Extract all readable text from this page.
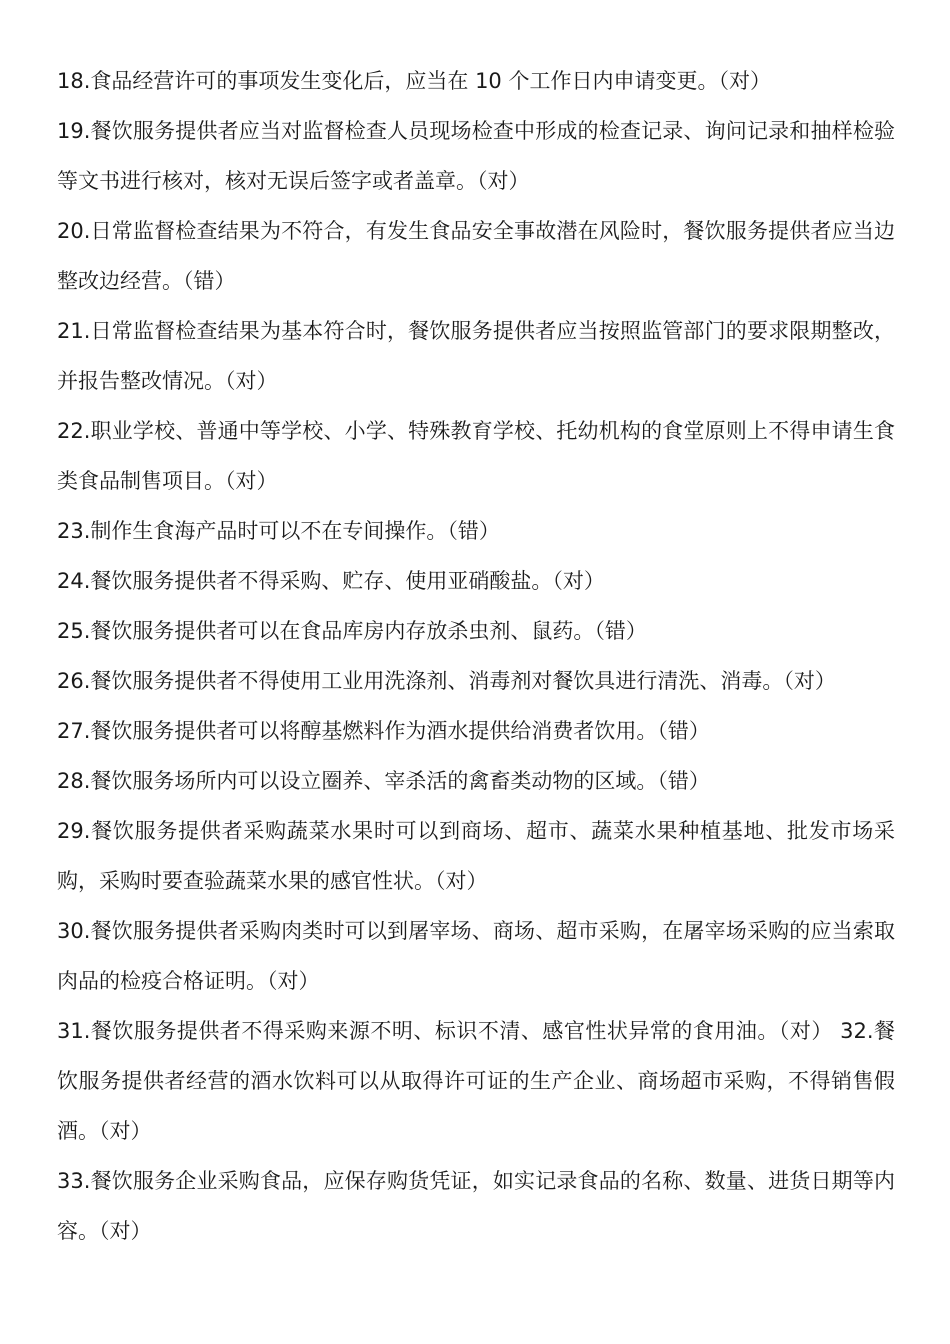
18.食品经营许可的事项发生变化后，应当在 10 个工作日内申请变更。（对）

19.餐饮服务提供者应当对监督检查人员现场检查中形成的检查记录、询问记录和抽样检验等文书进行核对，核对无误后签字或者盖章。（对）

20.日常监督检查结果为不符合，有发生食品安全事故潜在风险时，餐饮服务提供者应当边整改边经营。（错）

21.日常监督检查结果为基本符合时，餐饮服务提供者应当按照监管部门的要求限期整改，并报告整改情况。（对）

22.职业学校、普通中等学校、小学、特殊教育学校、托幼机构的食堂原则上不得申请生食类食品制售项目。（对）

23.制作生食海产品时可以不在专间操作。（错）

24.餐饮服务提供者不得采购、贮存、使用亚硝酸盐。（对）

25.餐饮服务提供者可以在食品库房内存放杀虫剂、鼠药。（错）

26.餐饮服务提供者不得使用工业用洗涤剂、消毒剂对餐饮具进行清洗、消毒。（对）

27.餐饮服务提供者可以将醇基燃料作为酒水提供给消费者饮用。（错）

28.餐饮服务场所内可以设立圈养、宰杀活的禽畜类动物的区域。（错）

29.餐饮服务提供者采购蔬菜水果时可以到商场、超市、蔬菜水果种植基地、批发市场采购，采购时要查验蔬菜水果的感官性状。（对）

30.餐饮服务提供者采购肉类时可以到屠宰场、商场、超市采购，在屠宰场采购的应当索取肉品的检疫合格证明。（对）

31.餐饮服务提供者不得采购来源不明、标识不清、感官性状异常的食用油。（对） 32.餐饮服务提供者经营的酒水饮料可以从取得许可证的生产企业、商场超市采购，不得销售假酒。（对）

33.餐饮服务企业采购食品，应保存购货凭证，如实记录食品的名称、数量、进货日期等内容。（对）
